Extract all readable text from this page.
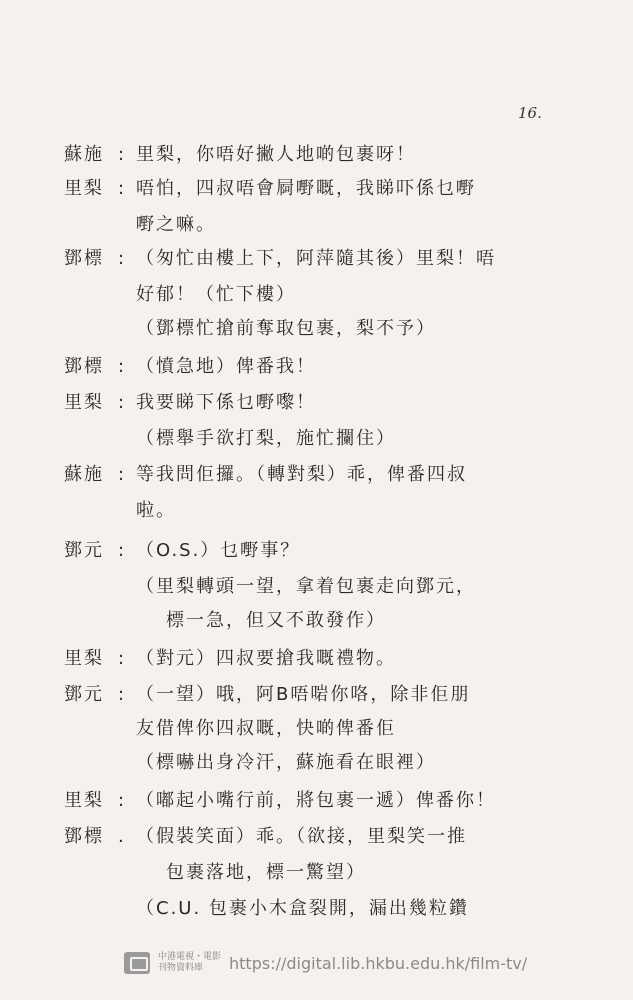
16.
蘇施 : 里梨，你唔好撇人地啲包裹呀！
里梨 : 唔怕，四叔唔會屙嘢嘅，我睇吓係乜嘢
嘢之嘛。
鄧標 : （匆忙由樓上下，阿萍隨其後）里梨！唔
好郁！（忙下樓）
（鄧標忙搶前奪取包裹，梨不予）
鄧標 : （憤急地）俾番我！
里梨 : 我要睇下係乜嘢嚟！
（標舉手欲打梨，施忙攔住）
蘇施 : 等我問佢攞。（轉對梨）乖，俾番四叔
啦。
鄧元 : （O.S.）乜嘢事？
（里梨轉頭一望，拿着包裹走向鄧元，
標一急，但又不敢發作）
里梨 : （對元）四叔要搶我嘅禮物。
鄧元 : （一望）哦，阿B唔啱你咯，除非佢朋
友借俾你四叔嘅，快啲俾番佢
（標嚇出身冷汗，蘇施看在眼裡）
里梨 : （嘟起小嘴行前，將包裹一遞）俾番你！
鄧標 . （假裝笑面）乖。（欲接，里梨笑一推
包裹落地，標一驚望）
（C.U. 包裹小木盒裂開，漏出幾粒鑽
中港電視・電影
刊物資料庫	https://digital.lib.hkbu.edu.hk/film-tv/
